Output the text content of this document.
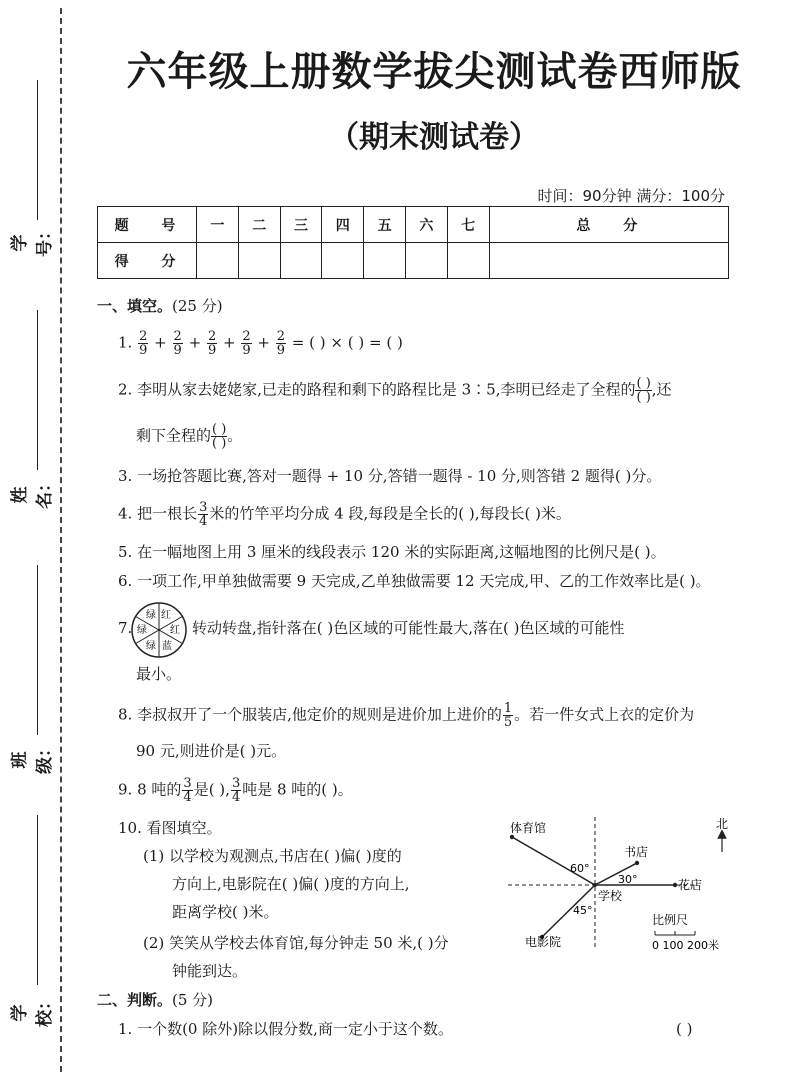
学号：
姓名：
班级：
学校：
六年级上册数学拔尖测试卷西师版
（期末测试卷）
时间：90分钟 满分：100分
题 号	一	二	三	四	五	六	七	总 分
得 分								
一、填空。(25 分)
1. $\frac{2}{9} + \frac{2}{9} + \frac{2}{9} + \frac{2}{9} + \frac{2}{9}$ = ( ) × ( ) = ( )
2. 李明从家去姥姥家,已走的路程和剩下的路程比是 3∶5,李明已经走了全程的 ( )
( ) ,还
剩下全程的 ( )
( ) 。
3. 一场抢答题比赛,答对一题得 + 10 分,答错一题得 - 10 分,则答错 2 题得( )分。
4. 把一根长 $\frac{3}{4}$ 米的竹竿平均分成 4 段,每段是全长的( ),每段长( )米。
5. 在一幅地图上用 3 厘米的线段表示 120 米的实际距离,这幅地图的比例尺是( )。
6. 一项工作,甲单独做需要 9 天完成,乙单独做需要 12 天完成,甲、乙的工作效率比是( )。
7.
红
红
蓝
绿
绿
绿
转动转盘,指针落在( )色区域的可能性最大,落在( )色区域的可能性
最小。
8. 李叔叔开了一个服装店,他定价的规则是进价加上进价的 $\frac{1}{5}$ 。若一件女式上衣的定价为
90 元,则进价是( )元。
9. 8 吨的 $\frac{3}{4}$ 是( ), $\frac{3}{4}$ 吨是 8 吨的( )。
10. 看图填空。
(1) 以学校为观测点,书店在( )偏( )度的
方向上,电影院在( )偏( )度的方向上,
距离学校( )米。
(2) 笑笑从学校去体育馆,每分钟走 50 米,( )分
钟能到达。
体育馆
书店
花店
学校
电影院
60°
30°
45°
北
比例尺
0 100 200米
二、判断。(5 分)
1. 一个数(0 除外)除以假分数,商一定小于这个数。	( )
